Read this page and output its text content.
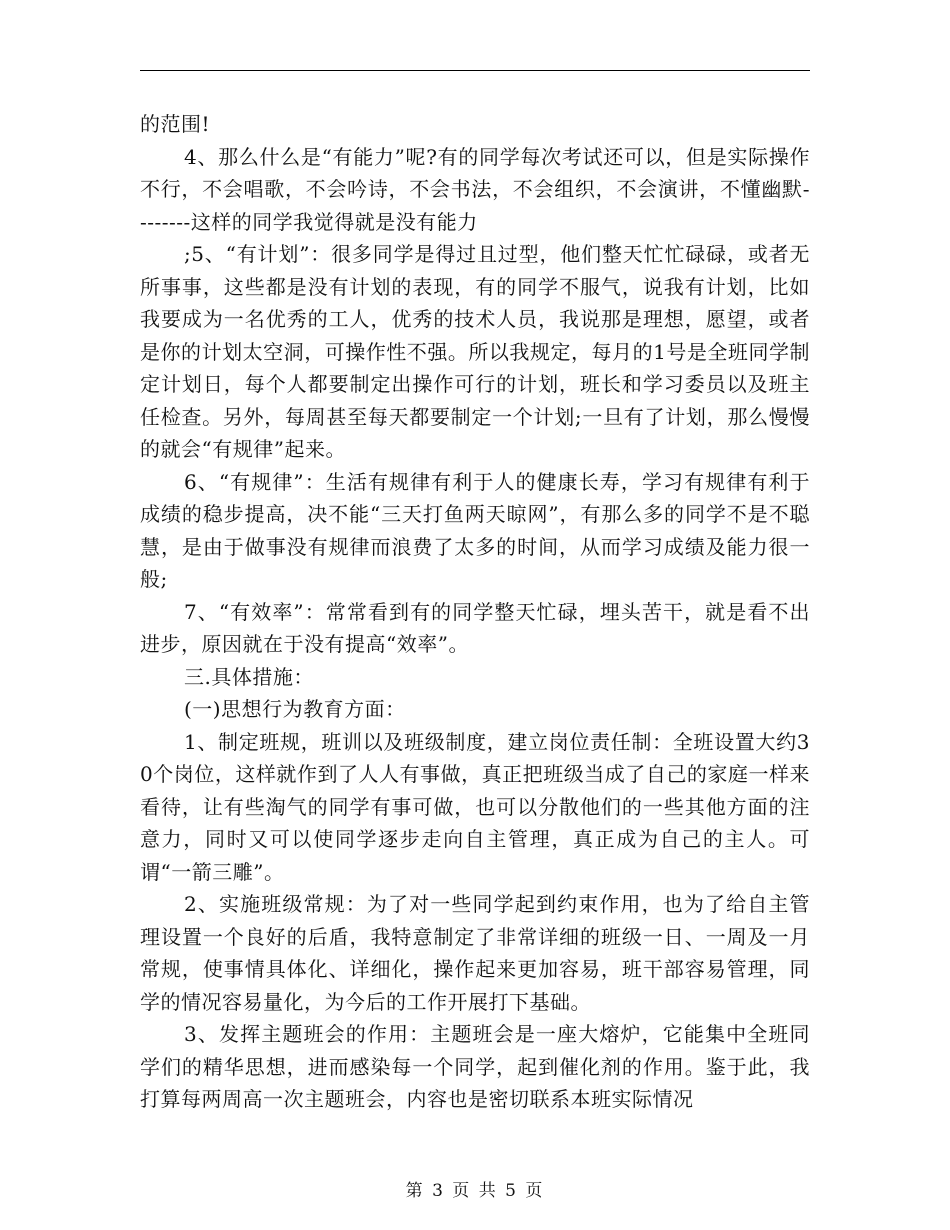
的范围!

4、那么什么是“有能力”呢?有的同学每次考试还可以，但是实际操作不行，不会唱歌，不会吟诗，不会书法，不会组织，不会演讲，不懂幽默--------这样的同学我觉得就是没有能力

;5、“有计划”：很多同学是得过且过型，他们整天忙忙碌碌，或者无所事事，这些都是没有计划的表现，有的同学不服气，说我有计划，比如我要成为一名优秀的工人，优秀的技术人员，我说那是理想，愿望，或者是你的计划太空洞，可操作性不强。所以我规定，每月的1号是全班同学制定计划日，每个人都要制定出操作可行的计划，班长和学习委员以及班主任检查。另外，每周甚至每天都要制定一个计划;一旦有了计划，那么慢慢的就会“有规律”起来。

6、“有规律”：生活有规律有利于人的健康长寿，学习有规律有利于成绩的稳步提高，决不能“三天打鱼两天晾网”，有那么多的同学不是不聪慧，是由于做事没有规律而浪费了太多的时间，从而学习成绩及能力很一般;

7、“有效率”：常常看到有的同学整天忙碌，埋头苦干，就是看不出进步，原因就在于没有提高“效率”。

三.具体措施：

(一)思想行为教育方面：

1、制定班规，班训以及班级制度，建立岗位责任制：全班设置大约30个岗位，这样就作到了人人有事做，真正把班级当成了自己的家庭一样来看待，让有些淘气的同学有事可做，也可以分散他们的一些其他方面的注意力，同时又可以使同学逐步走向自主管理，真正成为自己的主人。可谓“一箭三雕”。

2、实施班级常规：为了对一些同学起到约束作用，也为了给自主管理设置一个良好的后盾，我特意制定了非常详细的班级一日、一周及一月常规，使事情具体化、详细化，操作起来更加容易，班干部容易管理，同学的情况容易量化，为今后的工作开展打下基础。

3、发挥主题班会的作用：主题班会是一座大熔炉，它能集中全班同学们的精华思想，进而感染每一个同学，起到催化剂的作用。鉴于此，我打算每两周高一次主题班会，内容也是密切联系本班实际情况

第 3 页 共 5 页
